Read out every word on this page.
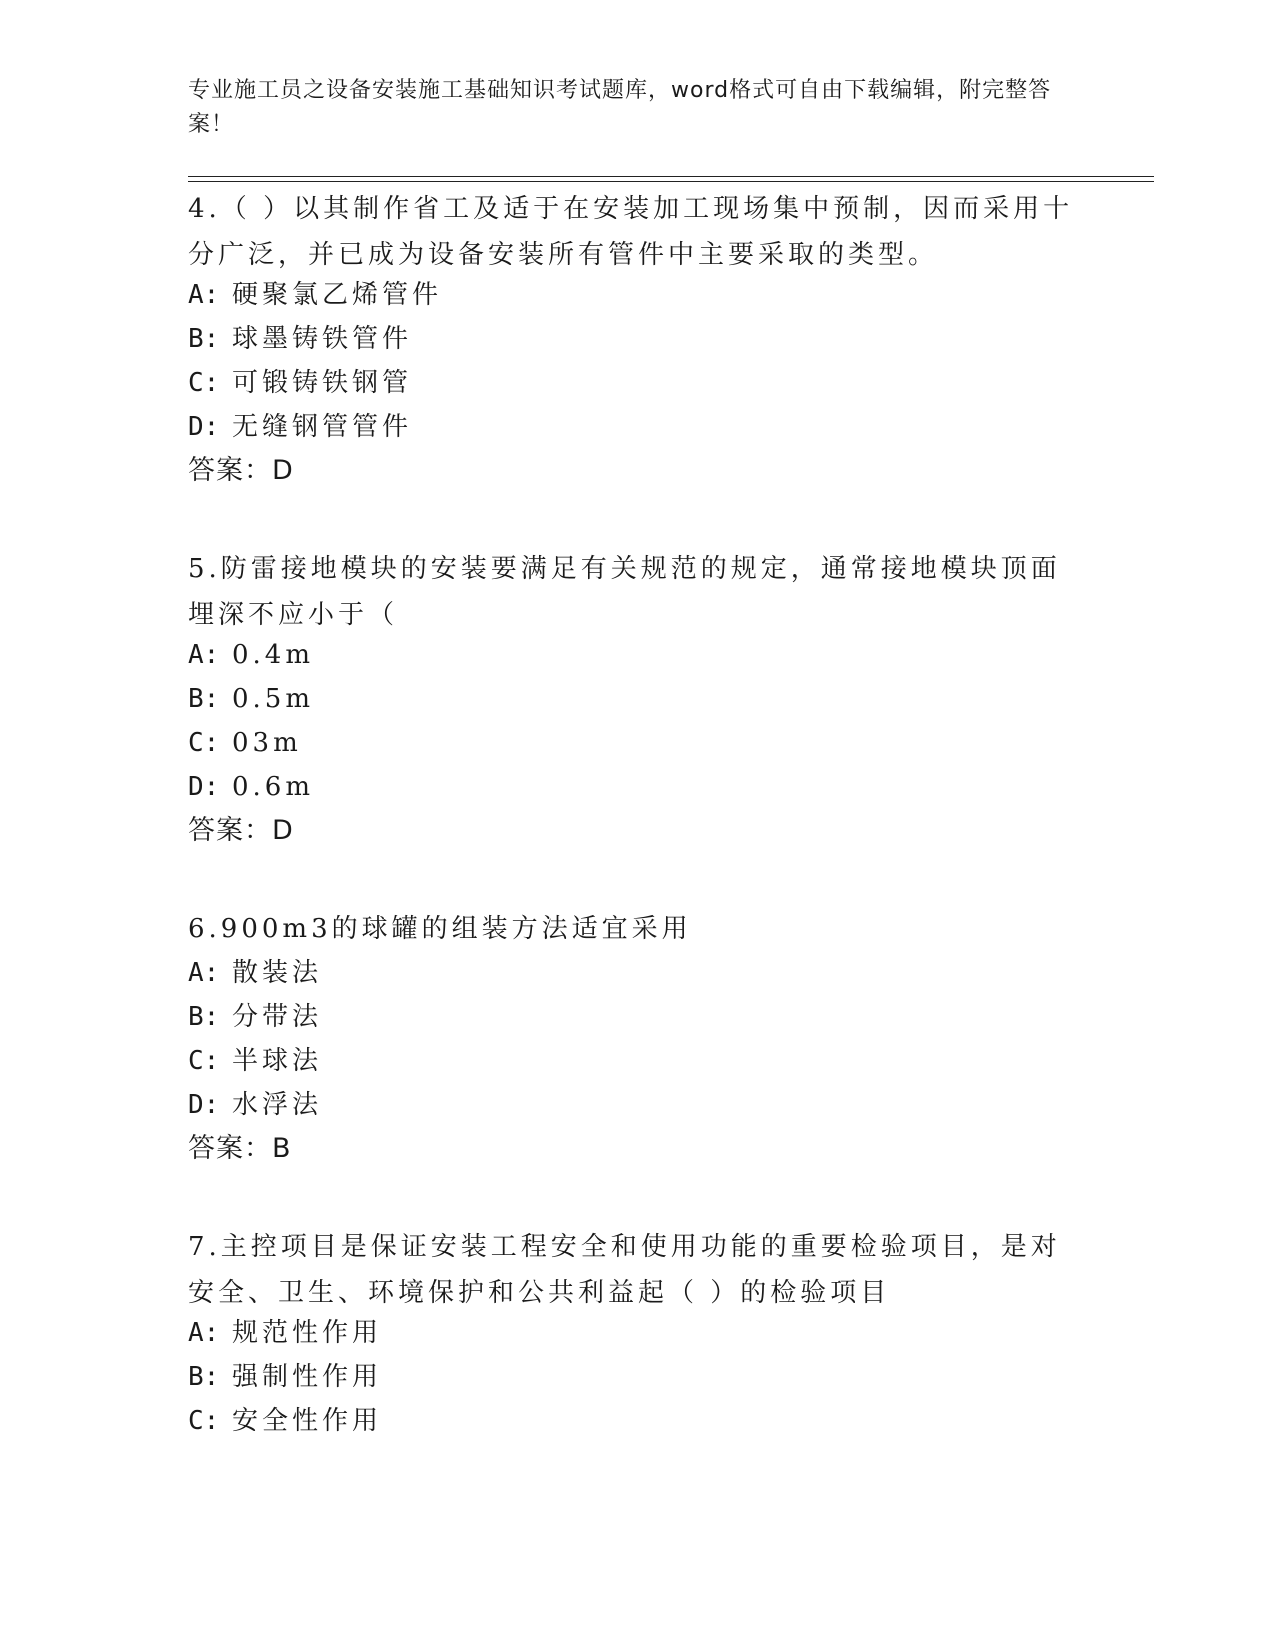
专业施工员之设备安装施工基础知识考试题库，word格式可自由下载编辑，附完整答案！
4.（ ）以其制作省工及适于在安装加工现场集中预制，因而采用十分广泛，并已成为设备安装所有管件中主要采取的类型。
A: 硬聚氯乙烯管件
B: 球墨铸铁管件
C: 可锻铸铁钢管
D: 无缝钢管管件
答案：D
5.防雷接地模块的安装要满足有关规范的规定，通常接地模块顶面埋深不应小于（
A: 0.4m
B: 0.5m
C: 03m
D: 0.6m
答案：D
6.900m3的球罐的组装方法适宜采用
A: 散装法
B: 分带法
C: 半球法
D: 水浮法
答案：B
7.主控项目是保证安装工程安全和使用功能的重要检验项目，是对安全、卫生、环境保护和公共利益起（ ）的检验项目
A: 规范性作用
B: 强制性作用
C: 安全性作用
